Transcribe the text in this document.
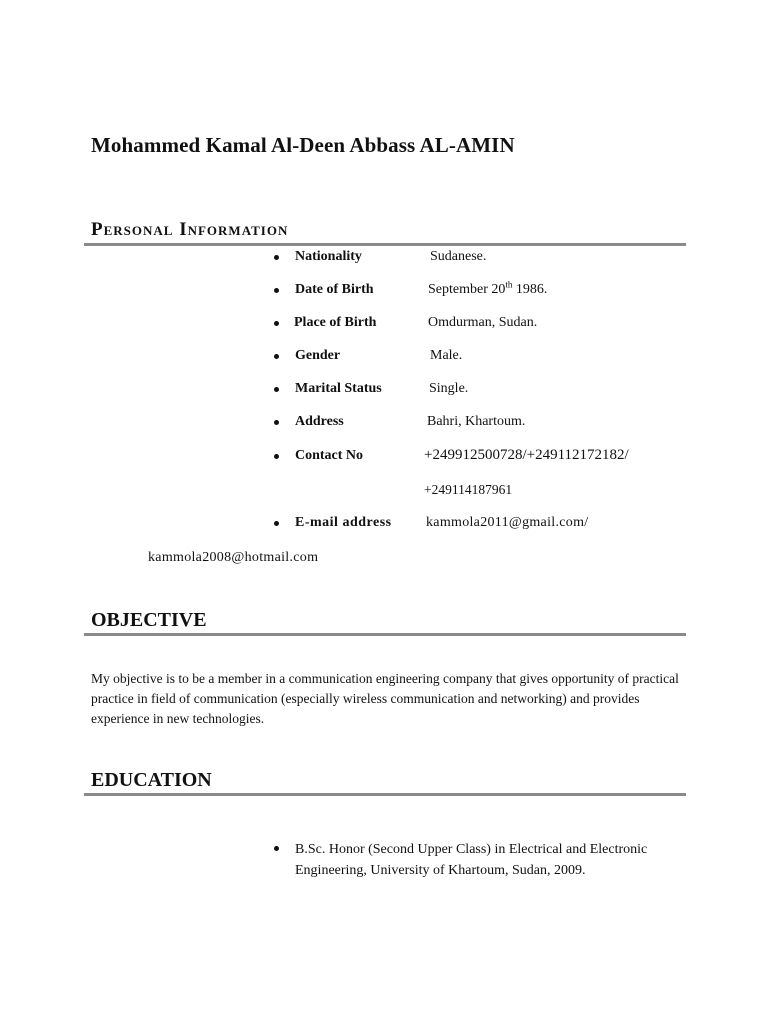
Mohammed Kamal Al-Deen Abbass AL-AMIN
Personal Information
Nationality	Sudanese.
Date of Birth	September 20th 1986.
Place of Birth	Omdurman, Sudan.
Gender	Male.
Marital Status	Single.
Address	Bahri, Khartoum.
Contact No	+249912500728/+249112172182/
+249114187961
E-mail address kammola2011@gmail.com/
kammola2008@hotmail.com
OBJECTIVE
My objective is to be a member in a communication engineering company that gives opportunity of practical practice in field of communication (especially wireless communication and networking) and provides experience in new technologies.
EDUCATION
B.Sc. Honor (Second Upper Class) in Electrical and Electronic Engineering, University of Khartoum, Sudan, 2009.
